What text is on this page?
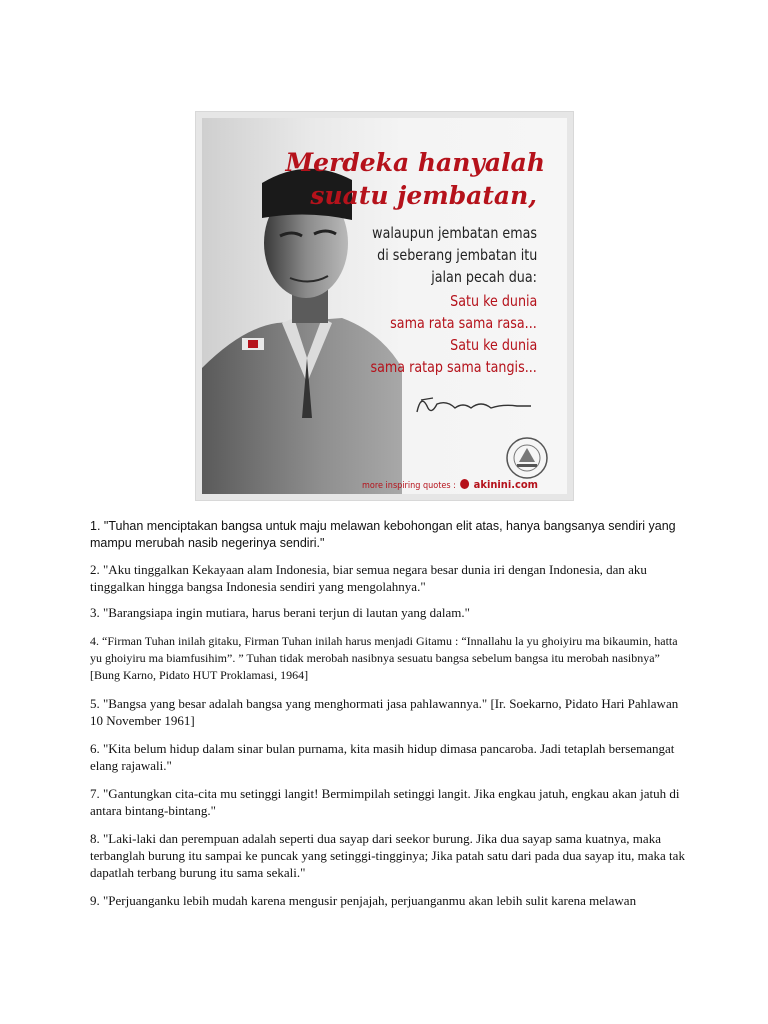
Merdeka hanyalah
suatu jembatan,
walaupun jembatan emas
di seberang jembatan itu
jalan pecah dua:
Satu ke dunia
sama rata sama rasa...
Satu ke dunia
sama ratap sama tangis...
more inspiring quotes : akinini.com

1. "Tuhan menciptakan bangsa untuk maju melawan kebohongan elit atas, hanya bangsanya sendiri yang mampu merubah nasib negerinya sendiri."

2. "Aku tinggalkan Kekayaan alam Indonesia, biar semua negara besar dunia iri dengan Indonesia, dan aku tinggalkan hingga bangsa Indonesia sendiri yang mengolahnya."

3. "Barangsiapa ingin mutiara, harus berani terjun di lautan yang dalam."

4. “Firman Tuhan inilah gitaku, Firman Tuhan inilah harus menjadi Gitamu : “Innallahu la yu ghoiyiru ma bikaumin, hatta yu ghoiyiru ma biamfusihim”. ” Tuhan tidak merobah nasibnya sesuatu bangsa sebelum bangsa itu merobah nasibnya” [Bung Karno, Pidato HUT Proklamasi, 1964]

5. "Bangsa yang besar adalah bangsa yang menghormati jasa pahlawannya." [Ir. Soekarno, Pidato Hari Pahlawan 10 November 1961]

6. "Kita belum hidup dalam sinar bulan purnama, kita masih hidup dimasa pancaroba. Jadi tetaplah bersemangat elang rajawali."

7. "Gantungkan cita-cita mu setinggi langit! Bermimpilah setinggi langit. Jika engkau jatuh, engkau akan jatuh di antara bintang-bintang."

8. "Laki-laki dan perempuan adalah seperti dua sayap dari seekor burung. Jika dua sayap sama kuatnya, maka terbanglah burung itu sampai ke puncak yang setinggi-tingginya; Jika patah satu dari pada dua sayap itu, maka tak dapatlah terbang burung itu sama sekali."

9. "Perjuanganku lebih mudah karena mengusir penjajah, perjuanganmu akan lebih sulit karena melawan
